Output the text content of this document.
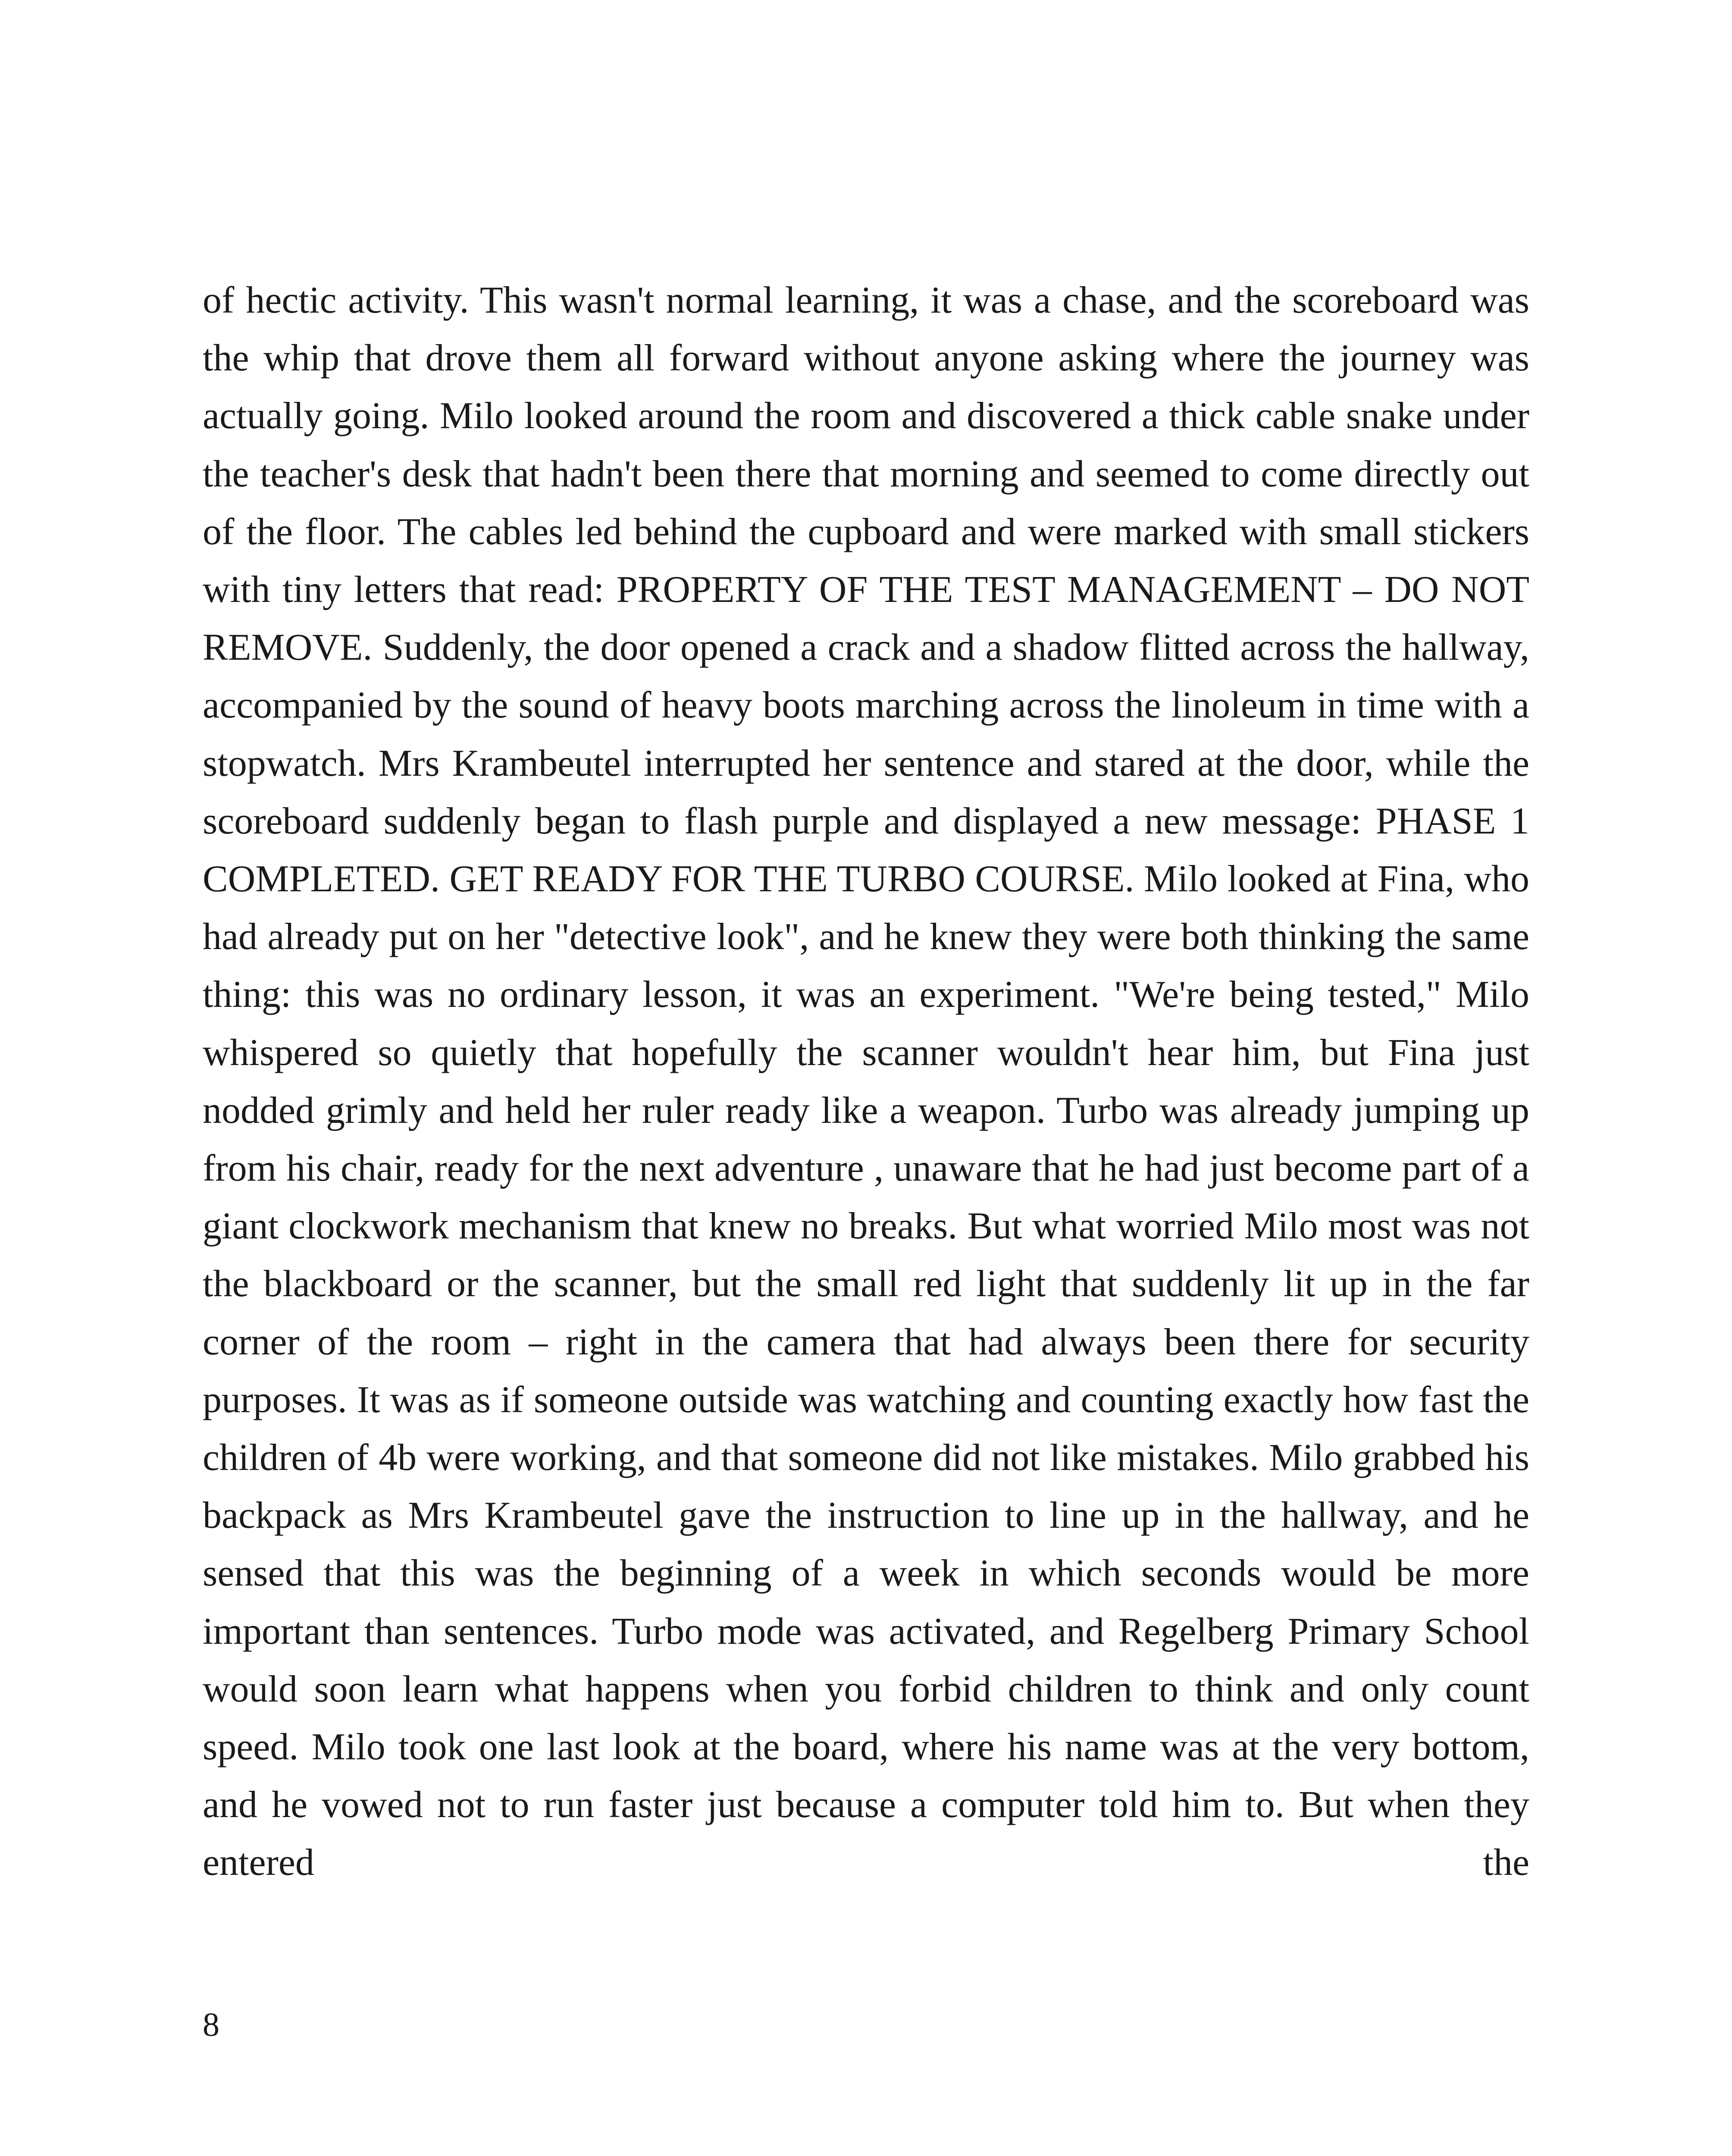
of hectic activity. This wasn't normal learning, it was a chase, and the scoreboard was the whip that drove them all forward without anyone asking where the journey was actually going. Milo looked around the room and discovered a thick cable snake under the teacher's desk that hadn't been there that morning and seemed to come directly out of the floor. The cables led behind the cupboard and were marked with small stickers with tiny letters that read: PROPERTY OF THE TEST MANAGEMENT – DO NOT REMOVE. Suddenly, the door opened a crack and a shadow flitted across the hallway, accompanied by the sound of heavy boots marching across the linoleum in time with a stopwatch. Mrs Krambeutel interrupted her sentence and stared at the door, while the scoreboard suddenly began to flash purple and displayed a new message: PHASE 1 COMPLETED. GET READY FOR THE TURBO COURSE. Milo looked at Fina, who had already put on her "detective look", and he knew they were both thinking the same thing: this was no ordinary lesson, it was an experiment. "We're being tested," Milo whispered so quietly that hopefully the scanner wouldn't hear him, but Fina just nodded grimly and held her ruler ready like a weapon. Turbo was already jumping up from his chair, ready for the next adventure , unaware that he had just become part of a giant clockwork mechanism that knew no breaks. But what worried Milo most was not the blackboard or the scanner, but the small red light that suddenly lit up in the far corner of the room – right in the camera that had always been there for security purposes. It was as if someone outside was watching and counting exactly how fast the children of 4b were working, and that someone did not like mistakes. Milo grabbed his backpack as Mrs Krambeutel gave the instruction to line up in the hallway, and he sensed that this was the beginning of a week in which seconds would be more important than sentences. Turbo mode was activated, and Regelberg Primary School would soon learn what happens when you forbid children to think and only count speed. Milo took one last look at the board, where his name was at the very bottom, and he vowed not to run faster just because a computer told him to. But when they entered the

8
